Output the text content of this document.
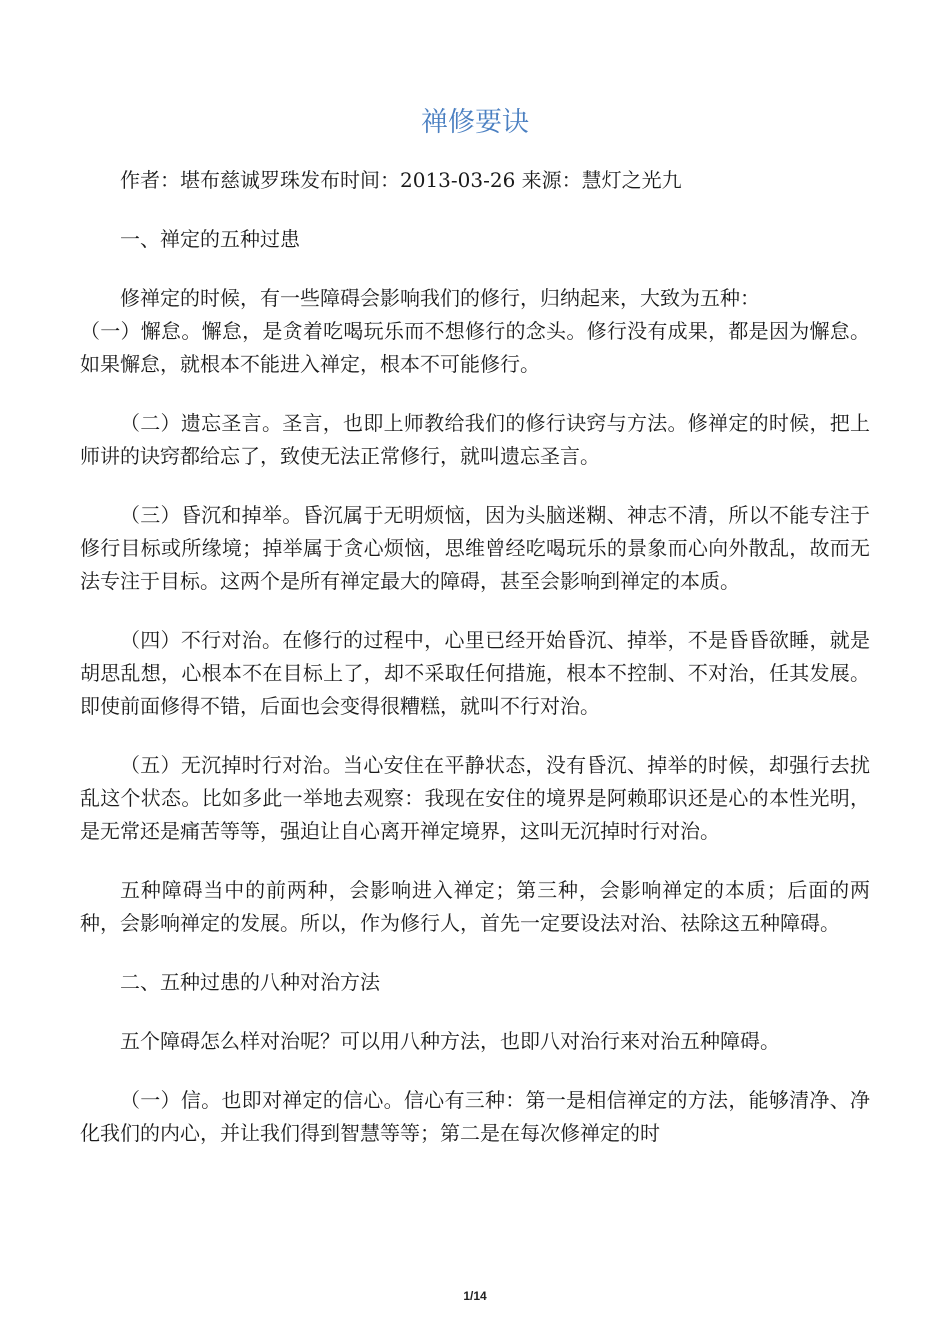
禅修要诀

作者：堪布慈诚罗珠发布时间：2013-03-26 来源：慧灯之光九

一、禅定的五种过患

修禅定的时候，有一些障碍会影响我们的修行，归纳起来，大致为五种：

（一）懈怠。懈怠，是贪着吃喝玩乐而不想修行的念头。修行没有成果，都是因为懈怠。如果懈怠，就根本不能进入禅定，根本不可能修行。

（二）遗忘圣言。圣言，也即上师教给我们的修行诀窍与方法。修禅定的时候，把上师讲的诀窍都给忘了，致使无法正常修行，就叫遗忘圣言。

（三）昏沉和掉举。昏沉属于无明烦恼，因为头脑迷糊、神志不清，所以不能专注于修行目标或所缘境；掉举属于贪心烦恼，思维曾经吃喝玩乐的景象而心向外散乱，故而无法专注于目标。这两个是所有禅定最大的障碍，甚至会影响到禅定的本质。

（四）不行对治。在修行的过程中，心里已经开始昏沉、掉举，不是昏昏欲睡，就是胡思乱想，心根本不在目标上了，却不采取任何措施，根本不控制、不对治，任其发展。即使前面修得不错，后面也会变得很糟糕，就叫不行对治。

（五）无沉掉时行对治。当心安住在平静状态，没有昏沉、掉举的时候，却强行去扰乱这个状态。比如多此一举地去观察：我现在安住的境界是阿赖耶识还是心的本性光明，是无常还是痛苦等等，强迫让自心离开禅定境界，这叫无沉掉时行对治。

五种障碍当中的前两种，会影响进入禅定；第三种，会影响禅定的本质；后面的两种，会影响禅定的发展。所以，作为修行人，首先一定要设法对治、祛除这五种障碍。

二、五种过患的八种对治方法

五个障碍怎么样对治呢？可以用八种方法，也即八对治行来对治五种障碍。

（一）信。也即对禅定的信心。信心有三种：第一是相信禅定的方法，能够清净、净化我们的内心，并让我们得到智慧等等；第二是在每次修禅定的时

1/14
